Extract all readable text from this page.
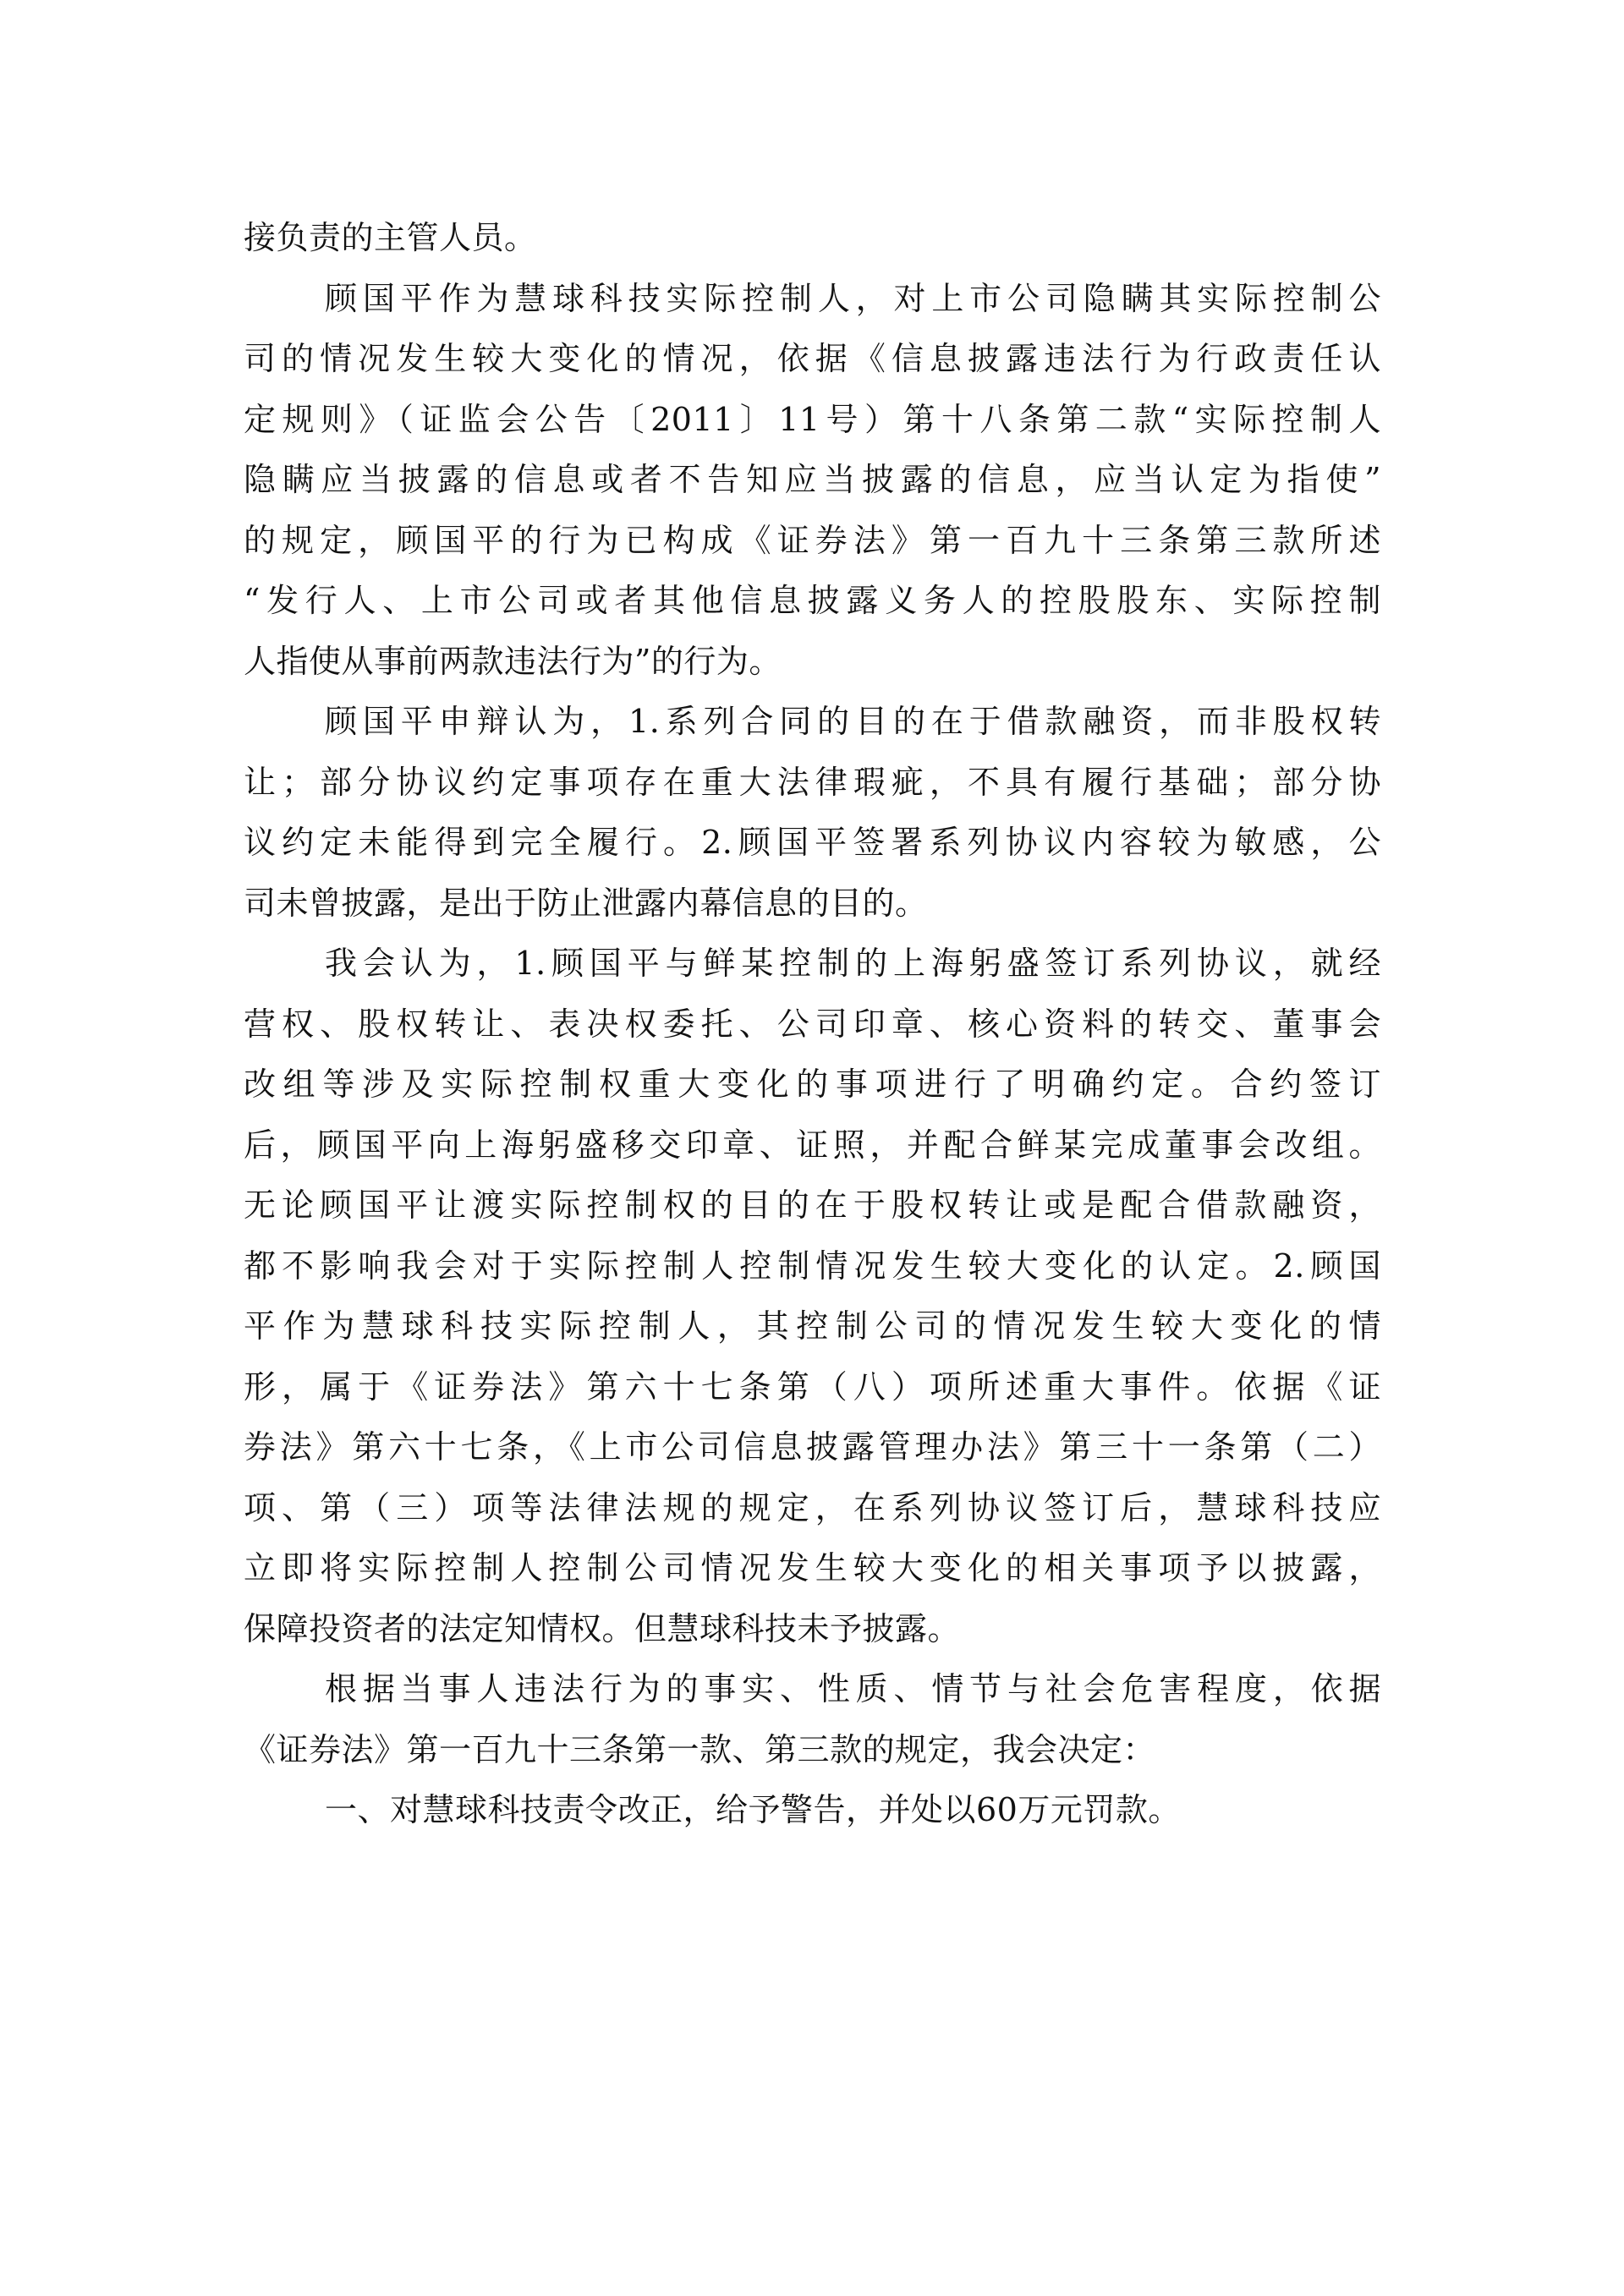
接负责的主管人员。
顾国平作为慧球科技实际控制人，对上市公司隐瞒其实际控制公
司的情况发生较大变化的情况，依据《信息披露违法行为行政责任认
定规则》（证监会公告〔2011〕11号）第十八条第二款“实际控制人
隐瞒应当披露的信息或者不告知应当披露的信息，应当认定为指使”
的规定，顾国平的行为已构成《证券法》第一百九十三条第三款所述
“发行人、上市公司或者其他信息披露义务人的控股股东、实际控制
人指使从事前两款违法行为”的行为。
顾国平申辩认为，1.系列合同的目的在于借款融资，而非股权转
让；部分协议约定事项存在重大法律瑕疵，不具有履行基础；部分协
议约定未能得到完全履行。2.顾国平签署系列协议内容较为敏感，公
司未曾披露，是出于防止泄露内幕信息的目的。
我会认为，1.顾国平与鲜某控制的上海躬盛签订系列协议，就经
营权、股权转让、表决权委托、公司印章、核心资料的转交、董事会
改组等涉及实际控制权重大变化的事项进行了明确约定。合约签订
后，顾国平向上海躬盛移交印章、证照，并配合鲜某完成董事会改组。
无论顾国平让渡实际控制权的目的在于股权转让或是配合借款融资，
都不影响我会对于实际控制人控制情况发生较大变化的认定。2.顾国
平作为慧球科技实际控制人，其控制公司的情况发生较大变化的情
形，属于《证券法》第六十七条第（八）项所述重大事件。依据《证
券法》第六十七条，《上市公司信息披露管理办法》第三十一条第（二）
项、第（三）项等法律法规的规定，在系列协议签订后，慧球科技应
立即将实际控制人控制公司情况发生较大变化的相关事项予以披露，
保障投资者的法定知情权。但慧球科技未予披露。
根据当事人违法行为的事实、性质、情节与社会危害程度，依据
《证券法》第一百九十三条第一款、第三款的规定，我会决定：
一、对慧球科技责令改正，给予警告，并处以60万元罚款。
